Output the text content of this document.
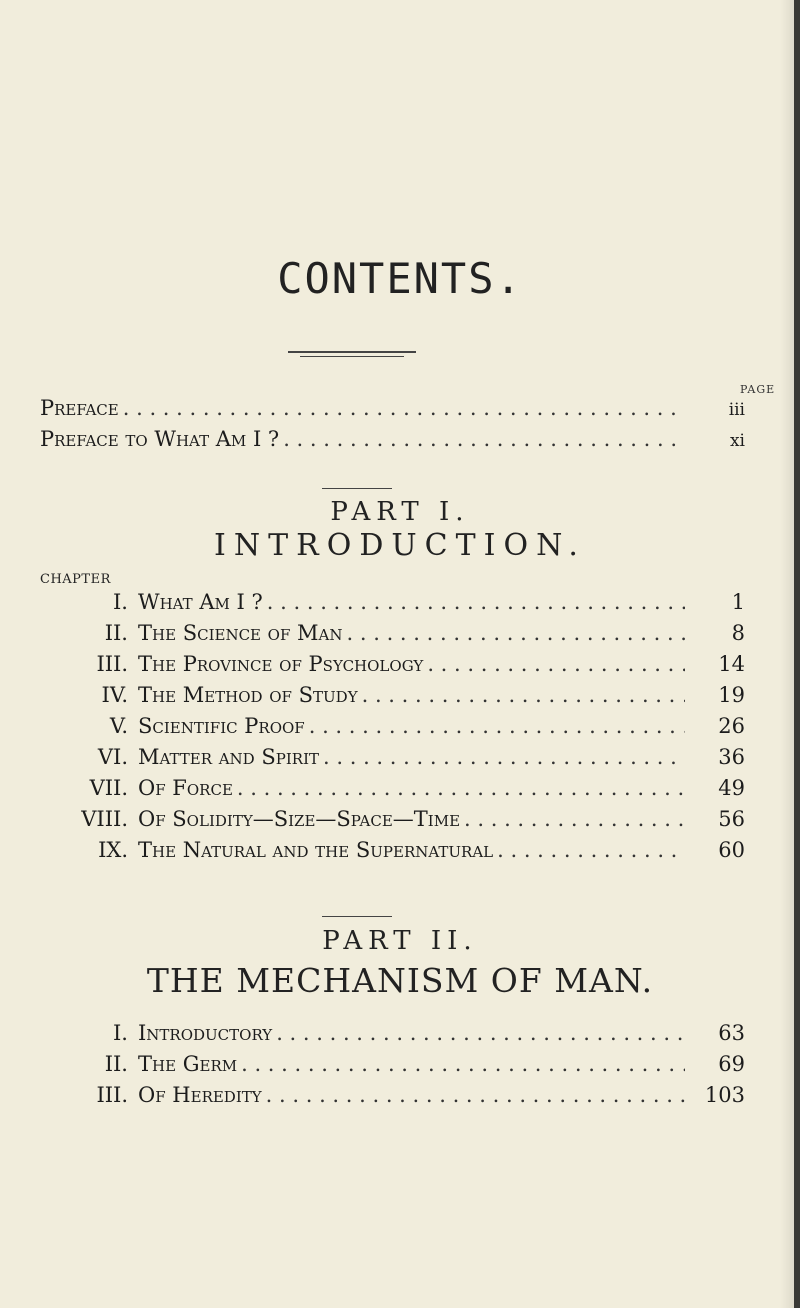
CONTENTS.
PAGE
Preface . . .	iii
Preface to What Am I ? . . .	xi
PART I.
INTRODUCTION.
CHAPTER
I. What Am I ? . . .	1
II. The Science of Man . . .	8
III. The Province of Psychology . . .	14
IV. The Method of Study . . .	19
V. Scientific Proof . . .	26
VI. Matter and Spirit . . .	36
VII. Of Force . . .	49
VIII. Of Solidity—Size—Space—Time . . .	56
IX. The Natural and the Supernatural . . .	60
PART II.
THE MECHANISM OF MAN.
I. Introductory . . .	63
II. The Germ . . .	69
III. Of Heredity . . .	103
